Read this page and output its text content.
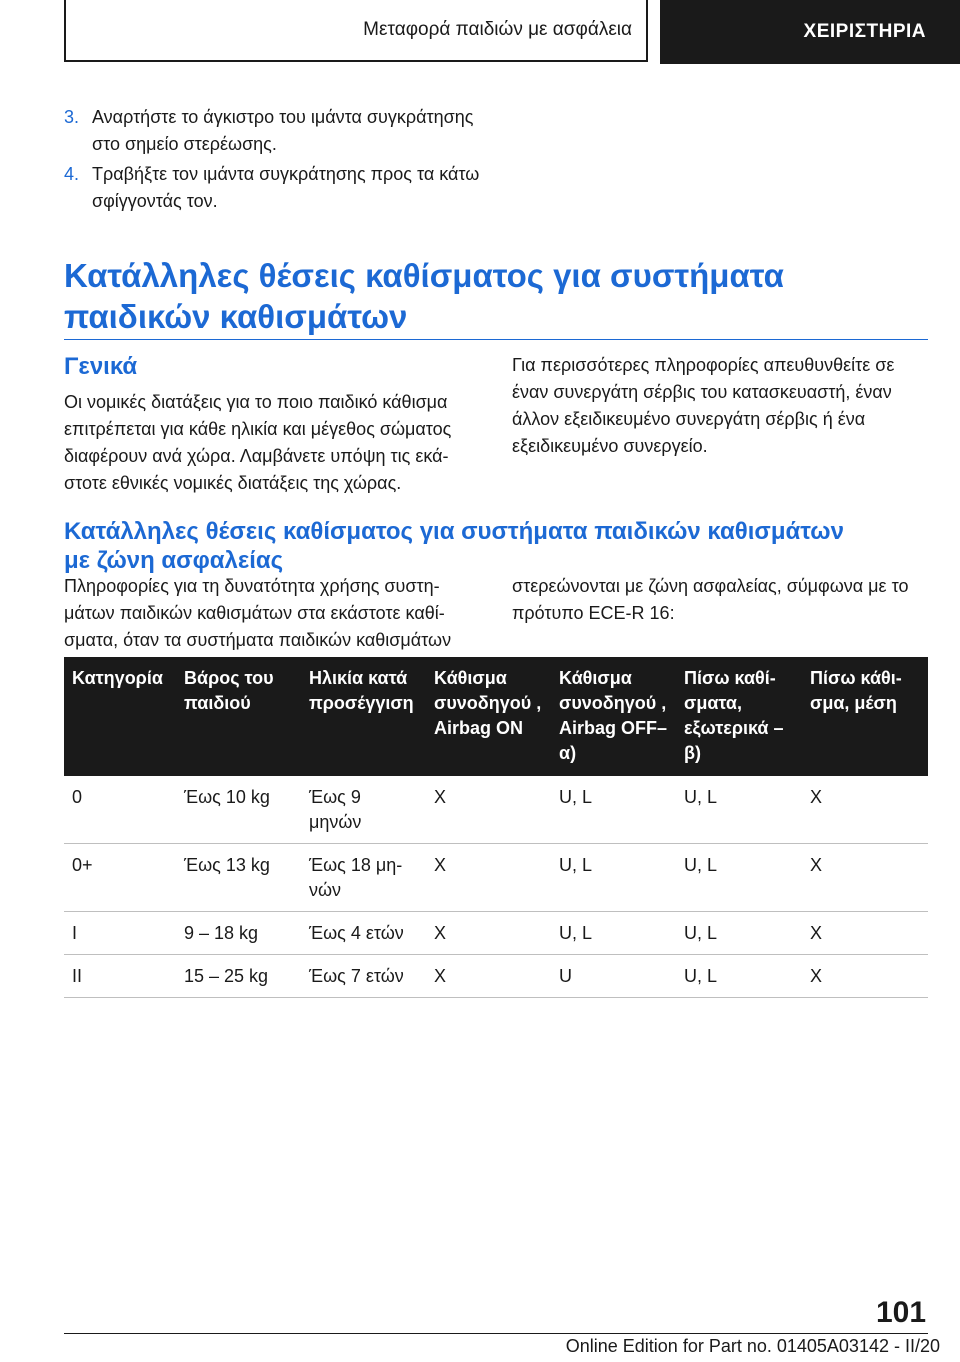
Μεταφορά παιδιών με ασφάλεια	ΧΕΙΡΙΣΤΗΡΙΑ
3. Αναρτήστε το άγκιστρο του ιμάντα συγκράτησης στο σημείο στερέωσης.
4. Τραβήξτε τον ιμάντα συγκράτησης προς τα κάτω σφίγγοντάς τον.
Κατάλληλες θέσεις καθίσματος για συστήματα παιδικών καθισμάτων
Γενικά
Οι νομικές διατάξεις για το ποιο παιδικό κάθισμα επιτρέπεται για κάθε ηλικία και μέγεθος σώματος διαφέρουν ανά χώρα. Λαμβάνετε υπόψη τις εκάστοτε εθνικές νομικές διατάξεις της χώρας.
Για περισσότερες πληροφορίες απευθυνθείτε σε έναν συνεργάτη σέρβις του κατασκευαστή, έναν άλλον εξειδικευμένο συνεργάτη σέρβις ή ένα εξειδικευμένο συνεργείο.
Κατάλληλες θέσεις καθίσματος για συστήματα παιδικών καθισμάτων με ζώνη ασφαλείας
Πληροφορίες για τη δυνατότητα χρήσης συστημάτων παιδικών καθισμάτων στα εκάστοτε καθίσματα, όταν τα συστήματα παιδικών καθισμάτων
στερεώνονται με ζώνη ασφαλείας, σύμφωνα με το πρότυπο ECE-R 16:
Κατηγορία	Βάρος του παιδιού	Ηλικία κατά προσέγγιση	Κάθισμα συνοδηγού , Airbag ON	Κάθισμα συνοδηγού , Airbag OFF– α)	Πίσω καθίσματα, εξωτερικά – β)	Πίσω κάθισμα, μέση
0	Έως 10 kg	Έως 9 μηνών	X	U, L	U, L	X
0+	Έως 13 kg	Έως 18 μηνών	X	U, L	U, L	X
I	9 – 18 kg	Έως 4 ετών	X	U, L	U, L	X
II	15 – 25 kg	Έως 7 ετών	X	U	U, L	X
101
Online Edition for Part no. 01405A03142 - II/20
